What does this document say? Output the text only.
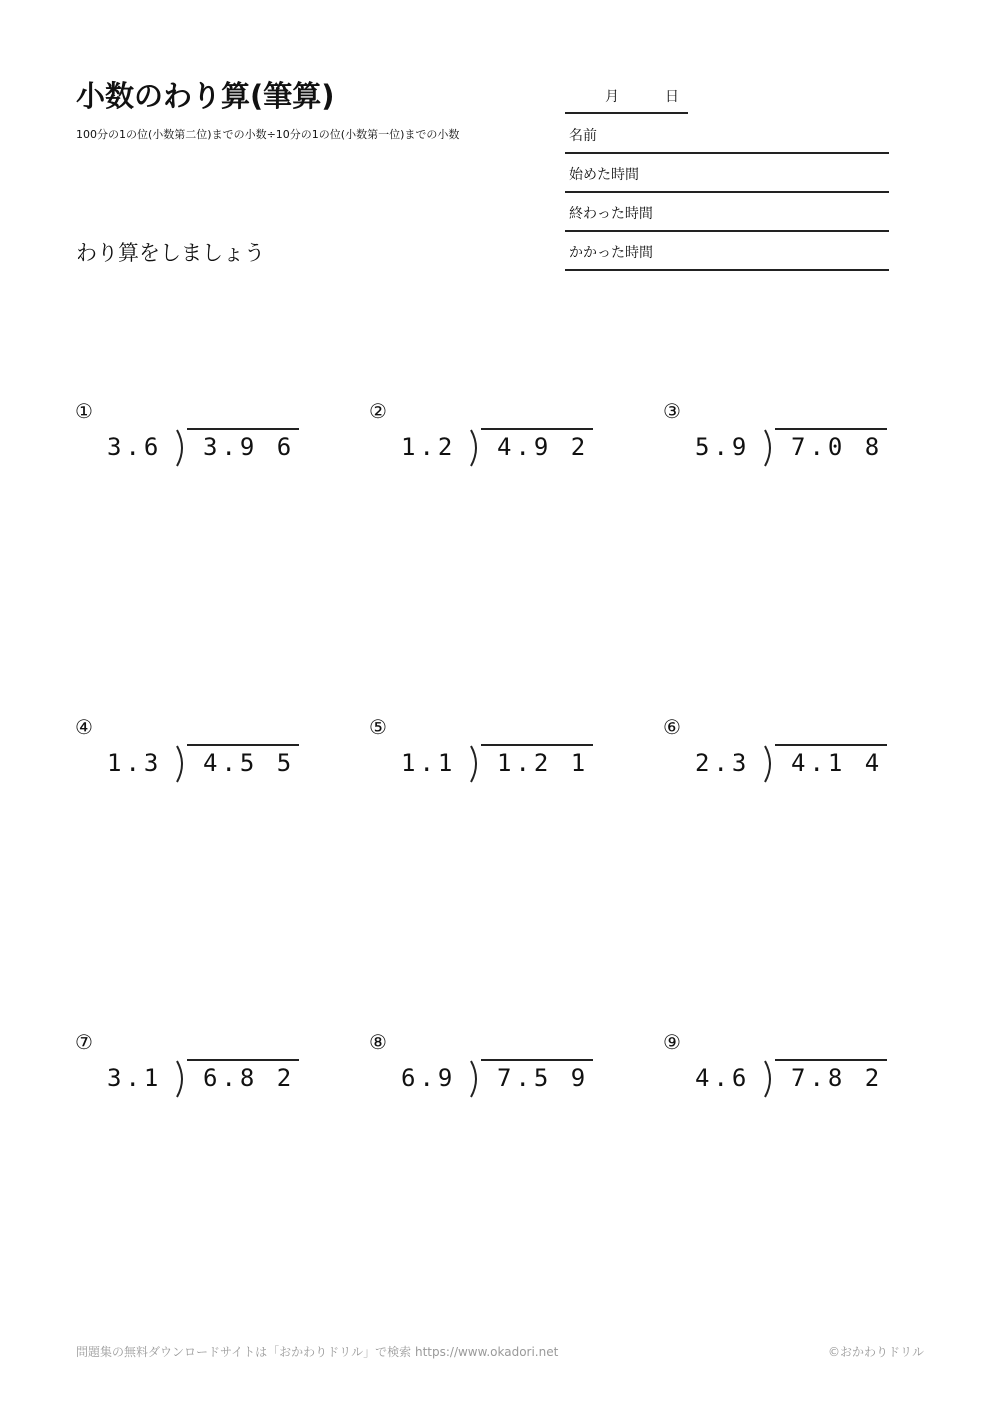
小数のわり算(筆算)
100分の1の位(小数第二位)までの小数÷10分の1の位(小数第一位)までの小数
わり算をしましょう
月	日
名前
始めた時間
終わった時間
かかった時間
①
3.6 3.9 6
②
1.2 4.9 2
③
5.9 7.0 8
④
1.3 4.5 5
⑤
1.1 1.2 1
⑥
2.3 4.1 4
⑦
3.1 6.8 2
⑧
6.9 7.5 9
⑨
4.6 7.8 2
問題集の無料ダウンロードサイトは「おかわりドリル」で検索 https://www.okadori.net	©おかわりドリル
